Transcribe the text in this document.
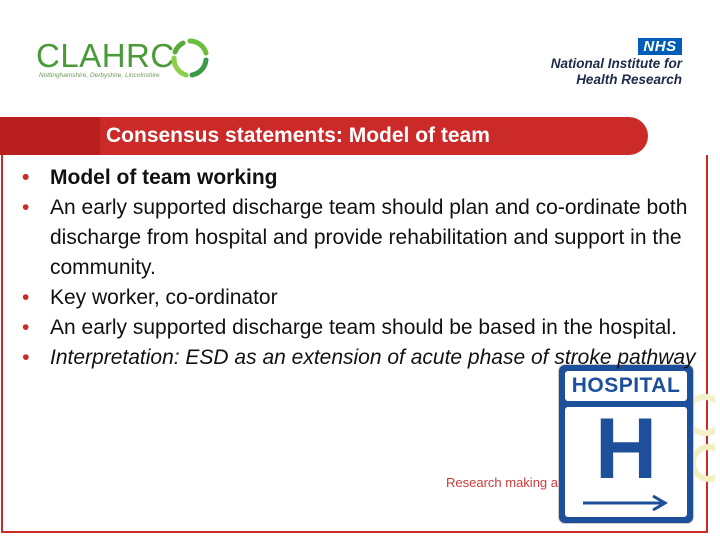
CLAHRC
Nottinghamshire, Derbyshire, Lincolnshire
NHS
National Institute for
Health Research
Consensus statements: Model of team
Research making a
• Model of team working
• An early supported discharge team should plan and co-ordinate both discharge from hospital and provide rehabilitation and support in the community.
• Key worker, co-ordinator
• An early supported discharge team should be based in the hospital.
• Interpretation: ESD as an extension of acute phase of stroke pathway
HOSPITAL
H
